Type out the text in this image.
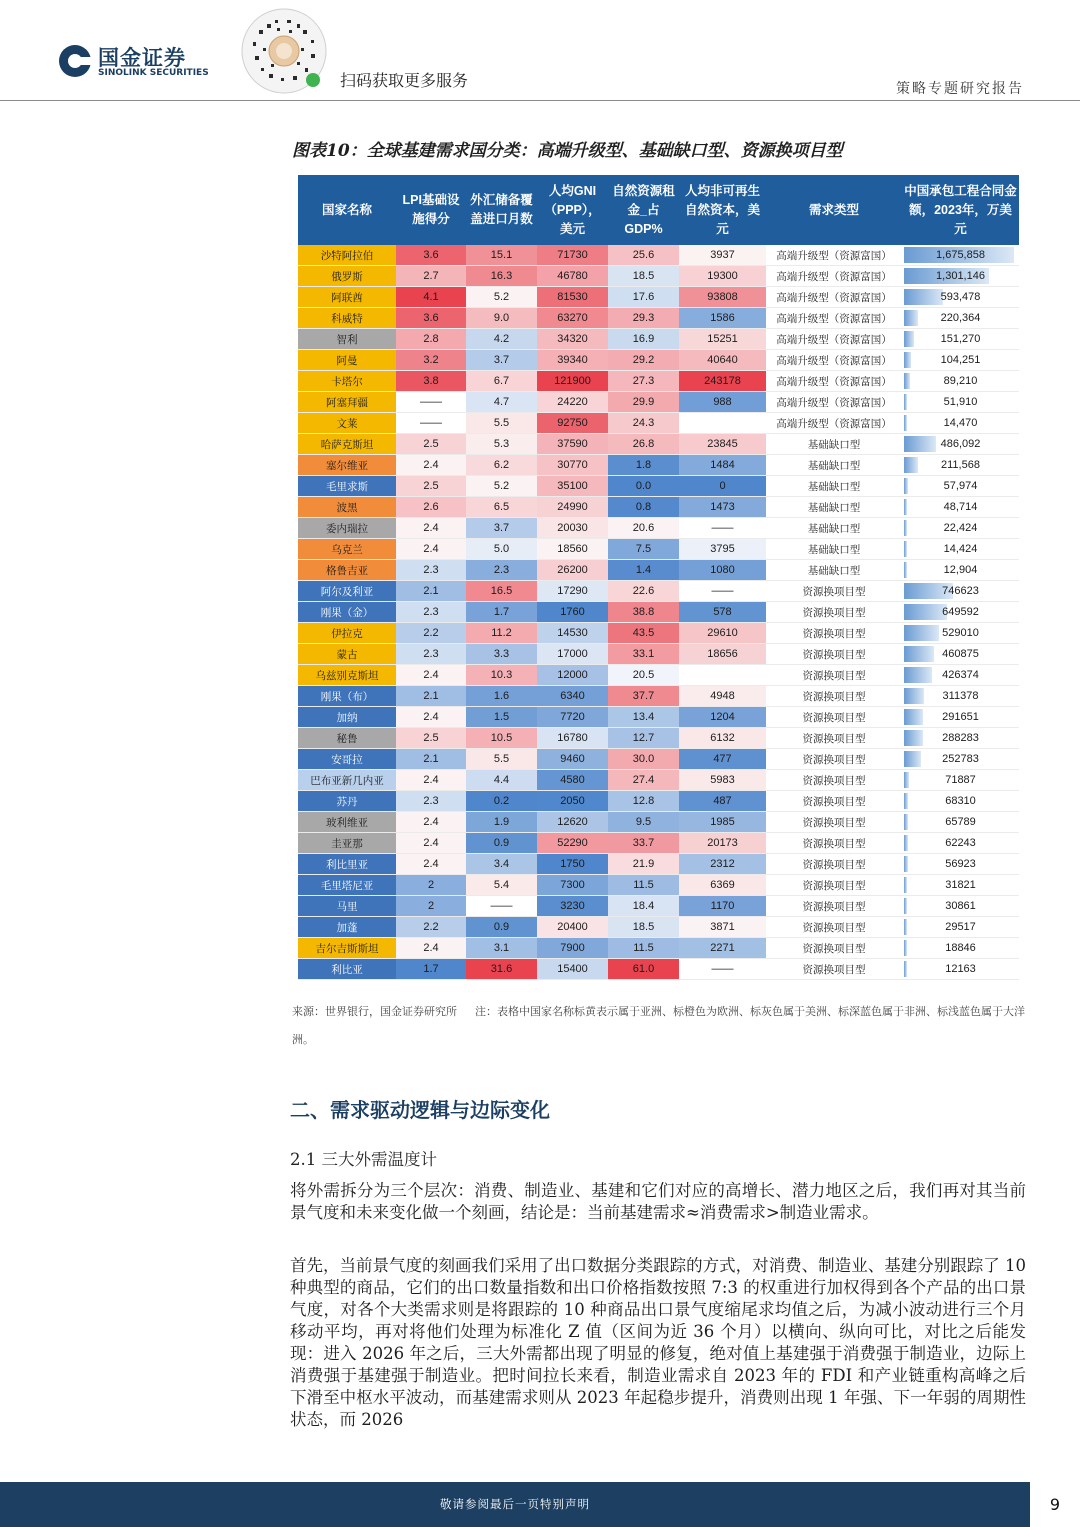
国金证券
SINOLINK SECURITIES	扫码获取更多服务	策略专题研究报告
图表10：全球基建需求国分类：高端升级型、基础缺口型、资源换项目型
国家名称	LPI基础设施得分	外汇储备覆盖进口月数	人均GNI（PPP），美元	自然资源租金_占GDP%	人均非可再生自然资本，美元	需求类型	中国承包工程合同金额，2023年，万美元
沙特阿拉伯	3.6	15.1	71730	25.6	3937	高端升级型（资源富国）	1,675,858
俄罗斯	2.7	16.3	46780	18.5	19300	高端升级型（资源富国）	1,301,146
阿联酋	4.1	5.2	81530	17.6	93808	高端升级型（资源富国）	593,478
科威特	3.6	9.0	63270	29.3	1586	高端升级型（资源富国）	220,364
智利	2.8	4.2	34320	16.9	15251	高端升级型（资源富国）	151,270
阿曼	3.2	3.7	39340	29.2	40640	高端升级型（资源富国）	104,251
卡塔尔	3.8	6.7	121900	27.3	243178	高端升级型（资源富国）	89,210
阿塞拜疆	——	4.7	24220	29.9	988	高端升级型（资源富国）	51,910
文莱	——	5.5	92750	24.3		高端升级型（资源富国）	14,470
哈萨克斯坦	2.5	5.3	37590	26.8	23845	基础缺口型	486,092
塞尔维亚	2.4	6.2	30770	1.8	1484	基础缺口型	211,568
毛里求斯	2.5	5.2	35100	0.0	0	基础缺口型	57,974
波黑	2.6	6.5	24990	0.8	1473	基础缺口型	48,714
委内瑞拉	2.4	3.7	20030	20.6	——	基础缺口型	22,424
乌克兰	2.4	5.0	18560	7.5	3795	基础缺口型	14,424
格鲁吉亚	2.3	2.3	26200	1.4	1080	基础缺口型	12,904
阿尔及利亚	2.1	16.5	17290	22.6	——	资源换项目型	746623
刚果（金）	2.3	1.7	1760	38.8	578	资源换项目型	649592
伊拉克	2.2	11.2	14530	43.5	29610	资源换项目型	529010
蒙古	2.3	3.3	17000	33.1	18656	资源换项目型	460875
乌兹别克斯坦	2.4	10.3	12000	20.5		资源换项目型	426374
刚果（布）	2.1	1.6	6340	37.7	4948	资源换项目型	311378
加纳	2.4	1.5	7720	13.4	1204	资源换项目型	291651
秘鲁	2.5	10.5	16780	12.7	6132	资源换项目型	288283
安哥拉	2.1	5.5	9460	30.0	477	资源换项目型	252783
巴布亚新几内亚	2.4	4.4	4580	27.4	5983	资源换项目型	71887
苏丹	2.3	0.2	2050	12.8	487	资源换项目型	68310
玻利维亚	2.4	1.9	12620	9.5	1985	资源换项目型	65789
圭亚那	2.4	0.9	52290	33.7	20173	资源换项目型	62243
利比里亚	2.4	3.4	1750	21.9	2312	资源换项目型	56923
毛里塔尼亚	2	5.4	7300	11.5	6369	资源换项目型	31821
马里	2	——	3230	18.4	1170	资源换项目型	30861
加蓬	2.2	0.9	20400	18.5	3871	资源换项目型	29517
吉尔吉斯斯坦	2.4	3.1	7900	11.5	2271	资源换项目型	18846
利比亚	1.7	31.6	15400	61.0	——	资源换项目型	12163
来源：世界银行，国金证券研究所 注：表格中国家名称标黄表示属于亚洲、标橙色为欧洲、标灰色属于美洲、标深蓝色属于非洲、标浅蓝色属于大洋洲。
二、需求驱动逻辑与边际变化
2.1 三大外需温度计
将外需拆分为三个层次：消费、制造业、基建和它们对应的高增长、潜力地区之后，我们再对其当前景气度和未来变化做一个刻画，结论是：当前基建需求≈消费需求>制造业需求。
首先，当前景气度的刻画我们采用了出口数据分类跟踪的方式，对消费、制造业、基建分别跟踪了 10 种典型的商品，它们的出口数量指数和出口价格指数按照 7:3 的权重进行加权得到各个产品的出口景气度，对各个大类需求则是将跟踪的 10 种商品出口景气度缩尾求均值之后，为减小波动进行三个月移动平均，再对将他们处理为标准化 Z 值（区间为近 36 个月）以横向、纵向可比，对比之后能发现：进入 2026 年之后，三大外需都出现了明显的修复，绝对值上基建强于消费强于制造业，边际上消费强于基建强于制造业。把时间拉长来看，制造业需求自 2023 年的 FDI 和产业链重构高峰之后下滑至中枢水平波动，而基建需求则从 2023 年起稳步提升，消费则出现 1 年强、下一年弱的周期性状态，而 2026
敬请参阅最后一页特别声明	9
